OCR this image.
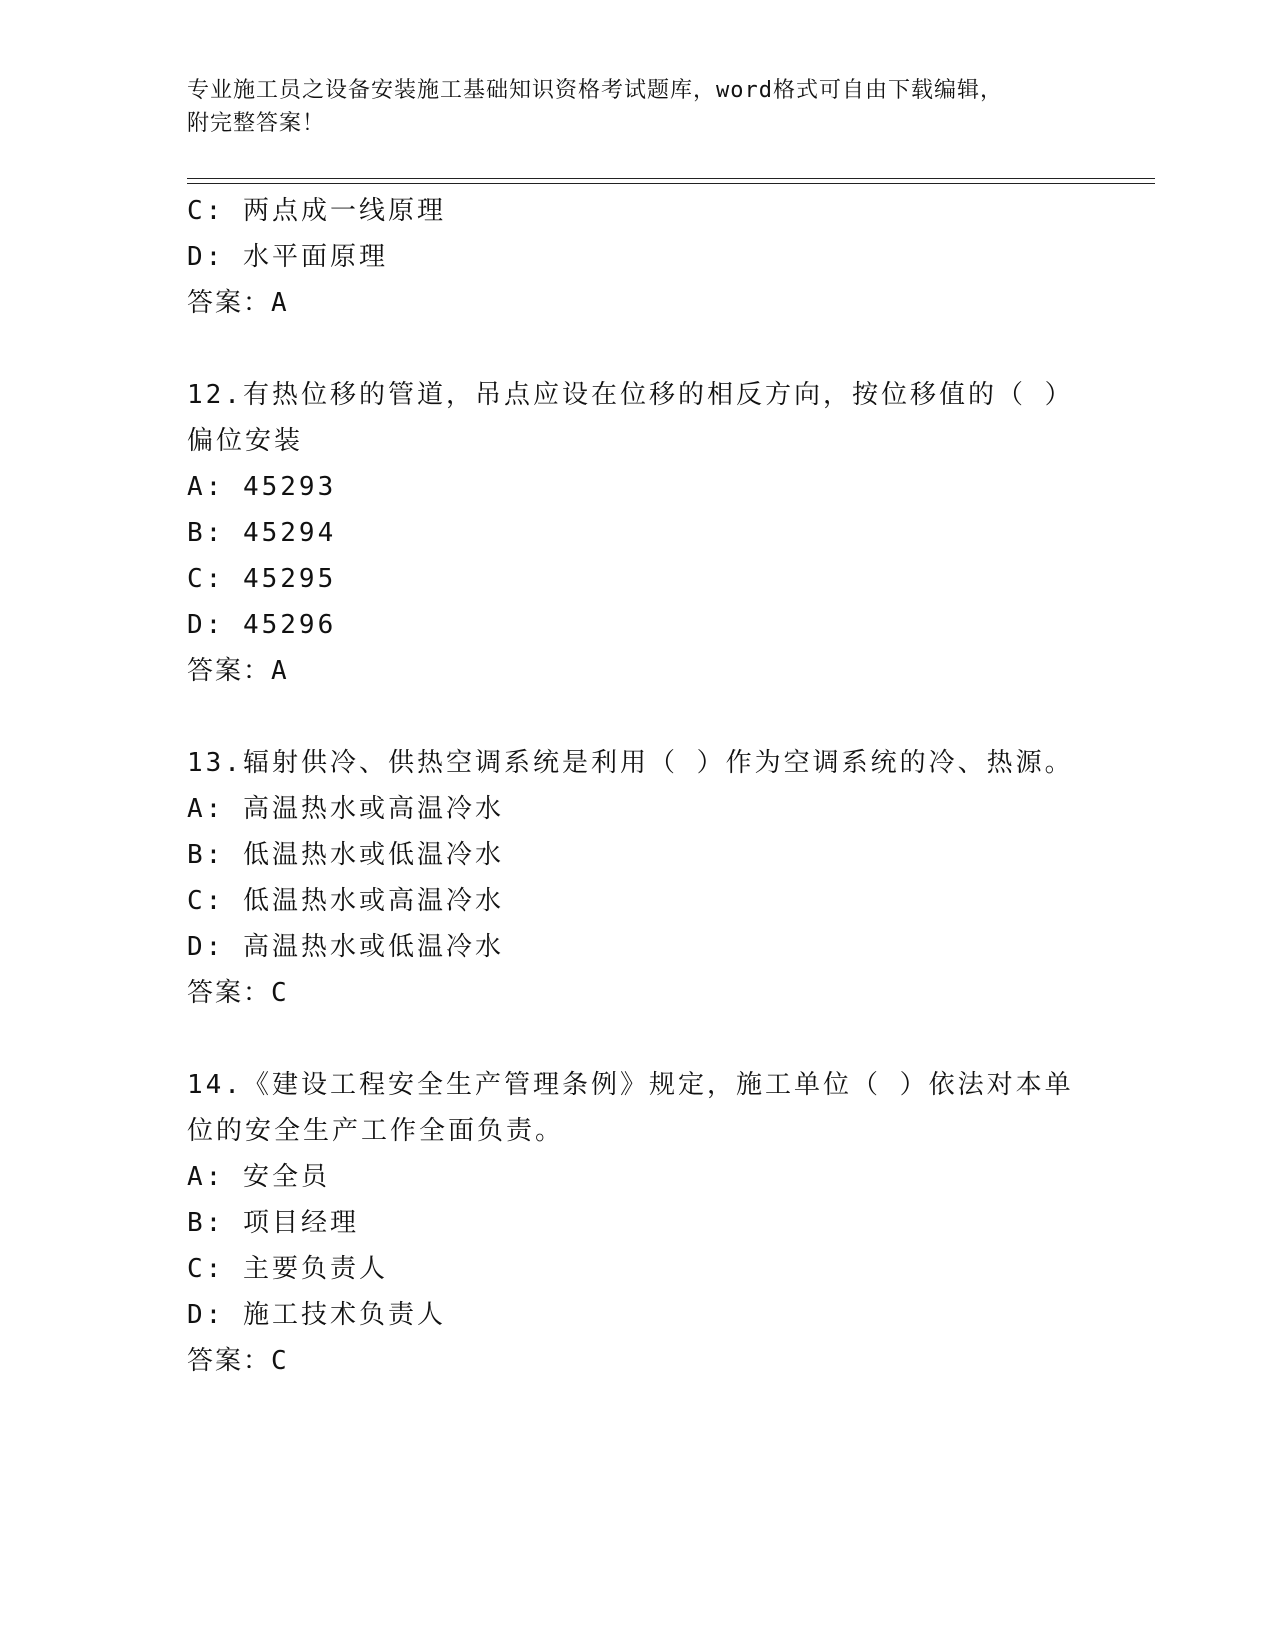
专业施工员之设备安装施工基础知识资格考试题库，word格式可自由下载编辑，
附完整答案！
C: 两点成一线原理
D: 水平面原理
答案：A
12.有热位移的管道，吊点应设在位移的相反方向，按位移值的（ ）
偏位安装
A: 45293
B: 45294
C: 45295
D: 45296
答案：A
13.辐射供冷、供热空调系统是利用（ ）作为空调系统的冷、热源。
A: 高温热水或高温冷水
B: 低温热水或低温冷水
C: 低温热水或高温冷水
D: 高温热水或低温冷水
答案：C
14.《建设工程安全生产管理条例》规定，施工单位（ ）依法对本单
位的安全生产工作全面负责。
A: 安全员
B: 项目经理
C: 主要负责人
D: 施工技术负责人
答案：C
